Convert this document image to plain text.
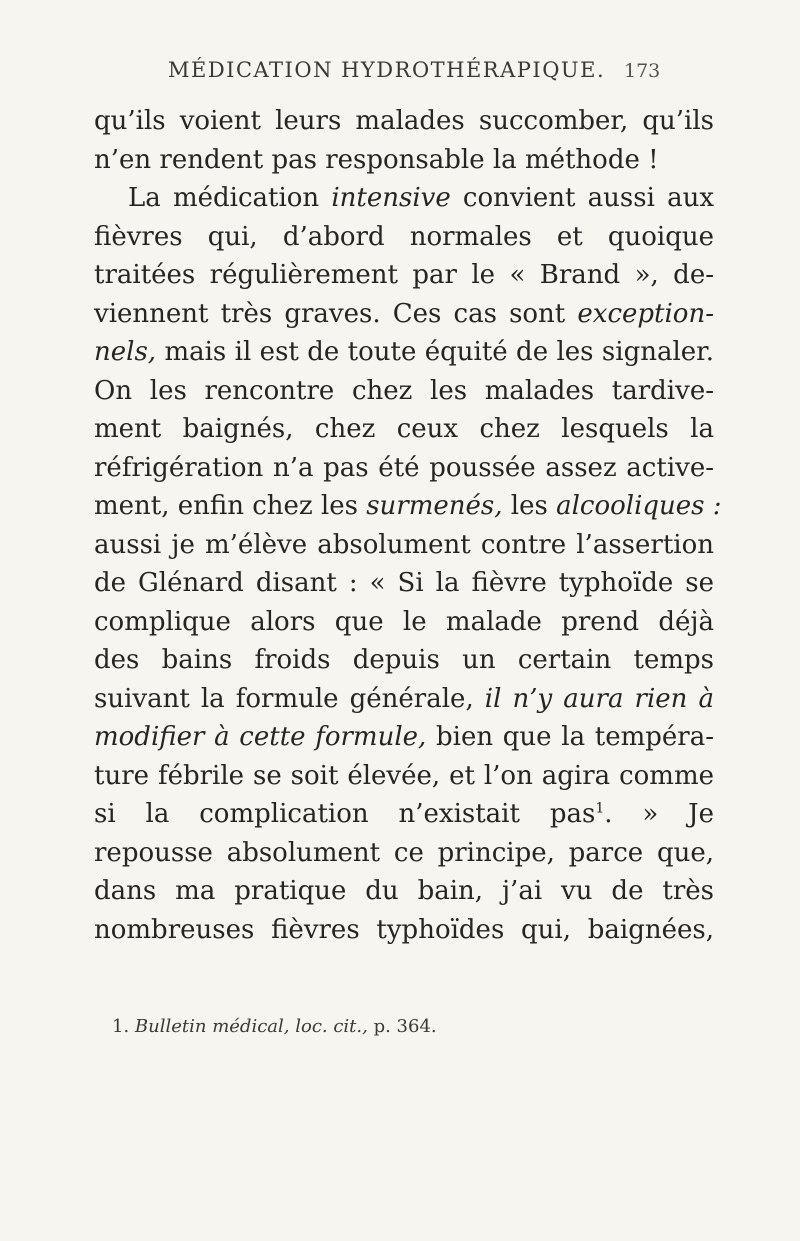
MÉDICATION HYDROTHÉRAPIQUE. 173
qu’ils voient leurs malades succomber, qu’ils
n’en rendent pas responsable la méthode !
La médication intensive convient aussi aux
fièvres qui, d’abord normales et quoique
traitées régulièrement par le « Brand », de-
viennent très graves. Ces cas sont exception-
nels, mais il est de toute équité de les signaler.
On les rencontre chez les malades tardive-
ment baignés, chez ceux chez lesquels la
réfrigération n’a pas été poussée assez active-
ment, enfin chez les surmenés, les alcooliques :
aussi je m’élève absolument contre l’assertion
de Glénard disant : « Si la fièvre typhoïde se
complique alors que le malade prend déjà
des bains froids depuis un certain temps
suivant la formule générale, il n’y aura rien à
modifier à cette formule, bien que la tempéra-
ture fébrile se soit élevée, et l’on agira comme
si la complication n’existait pas$^1$. » Je
repousse absolument ce principe, parce que,
dans ma pratique du bain, j’ai vu de très
nombreuses fièvres typhoïdes qui, baignées,
1. Bulletin médical, loc. cit., p. 364.
